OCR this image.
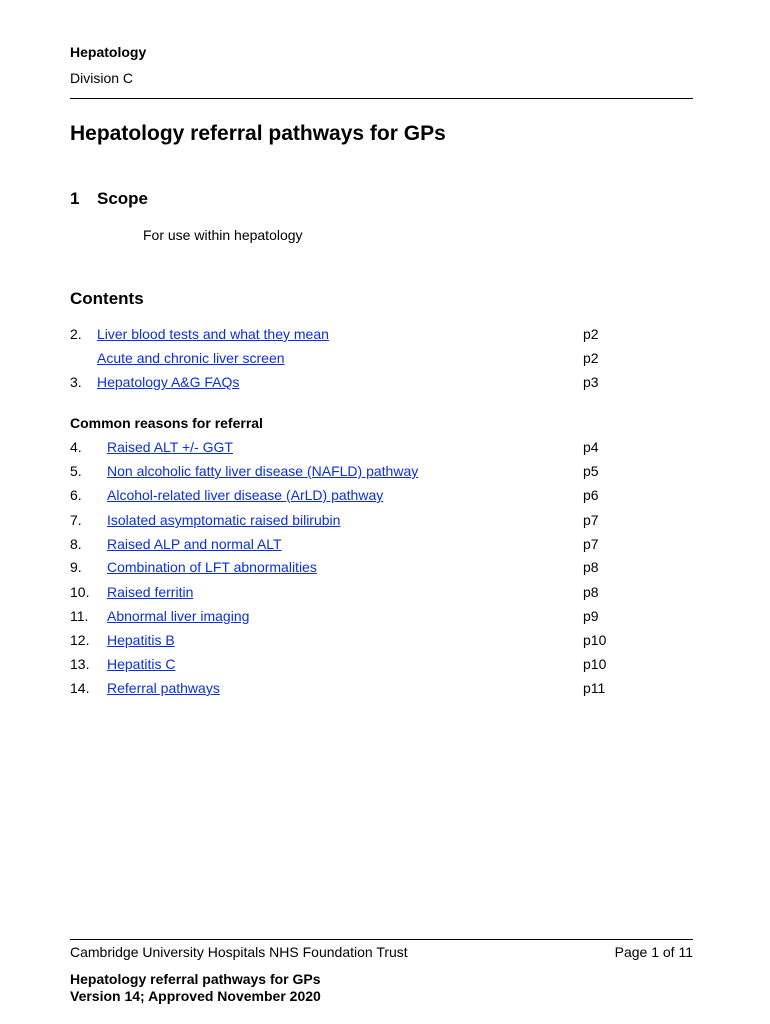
Hepatology
Division C
Hepatology referral pathways for GPs
1 Scope
For use within hepatology
Contents
2. Liver blood tests and what they mean	p2
Acute and chronic liver screen	p2
3. Hepatology A&G FAQs	p3
Common reasons for referral
4. Raised ALT +/- GGT	p4
5. Non alcoholic fatty liver disease (NAFLD) pathway	p5
6. Alcohol-related liver disease (ArLD) pathway	p6
7. Isolated asymptomatic raised bilirubin	p7
8. Raised ALP and normal ALT	p7
9. Combination of LFT abnormalities	p8
10. Raised ferritin	p8
11. Abnormal liver imaging	p9
12. Hepatitis B	p10
13. Hepatitis C	p10
14. Referral pathways	p11
Cambridge University Hospitals NHS Foundation Trust	Page 1 of 11
Hepatology referral pathways for GPs
Version 14; Approved November 2020
